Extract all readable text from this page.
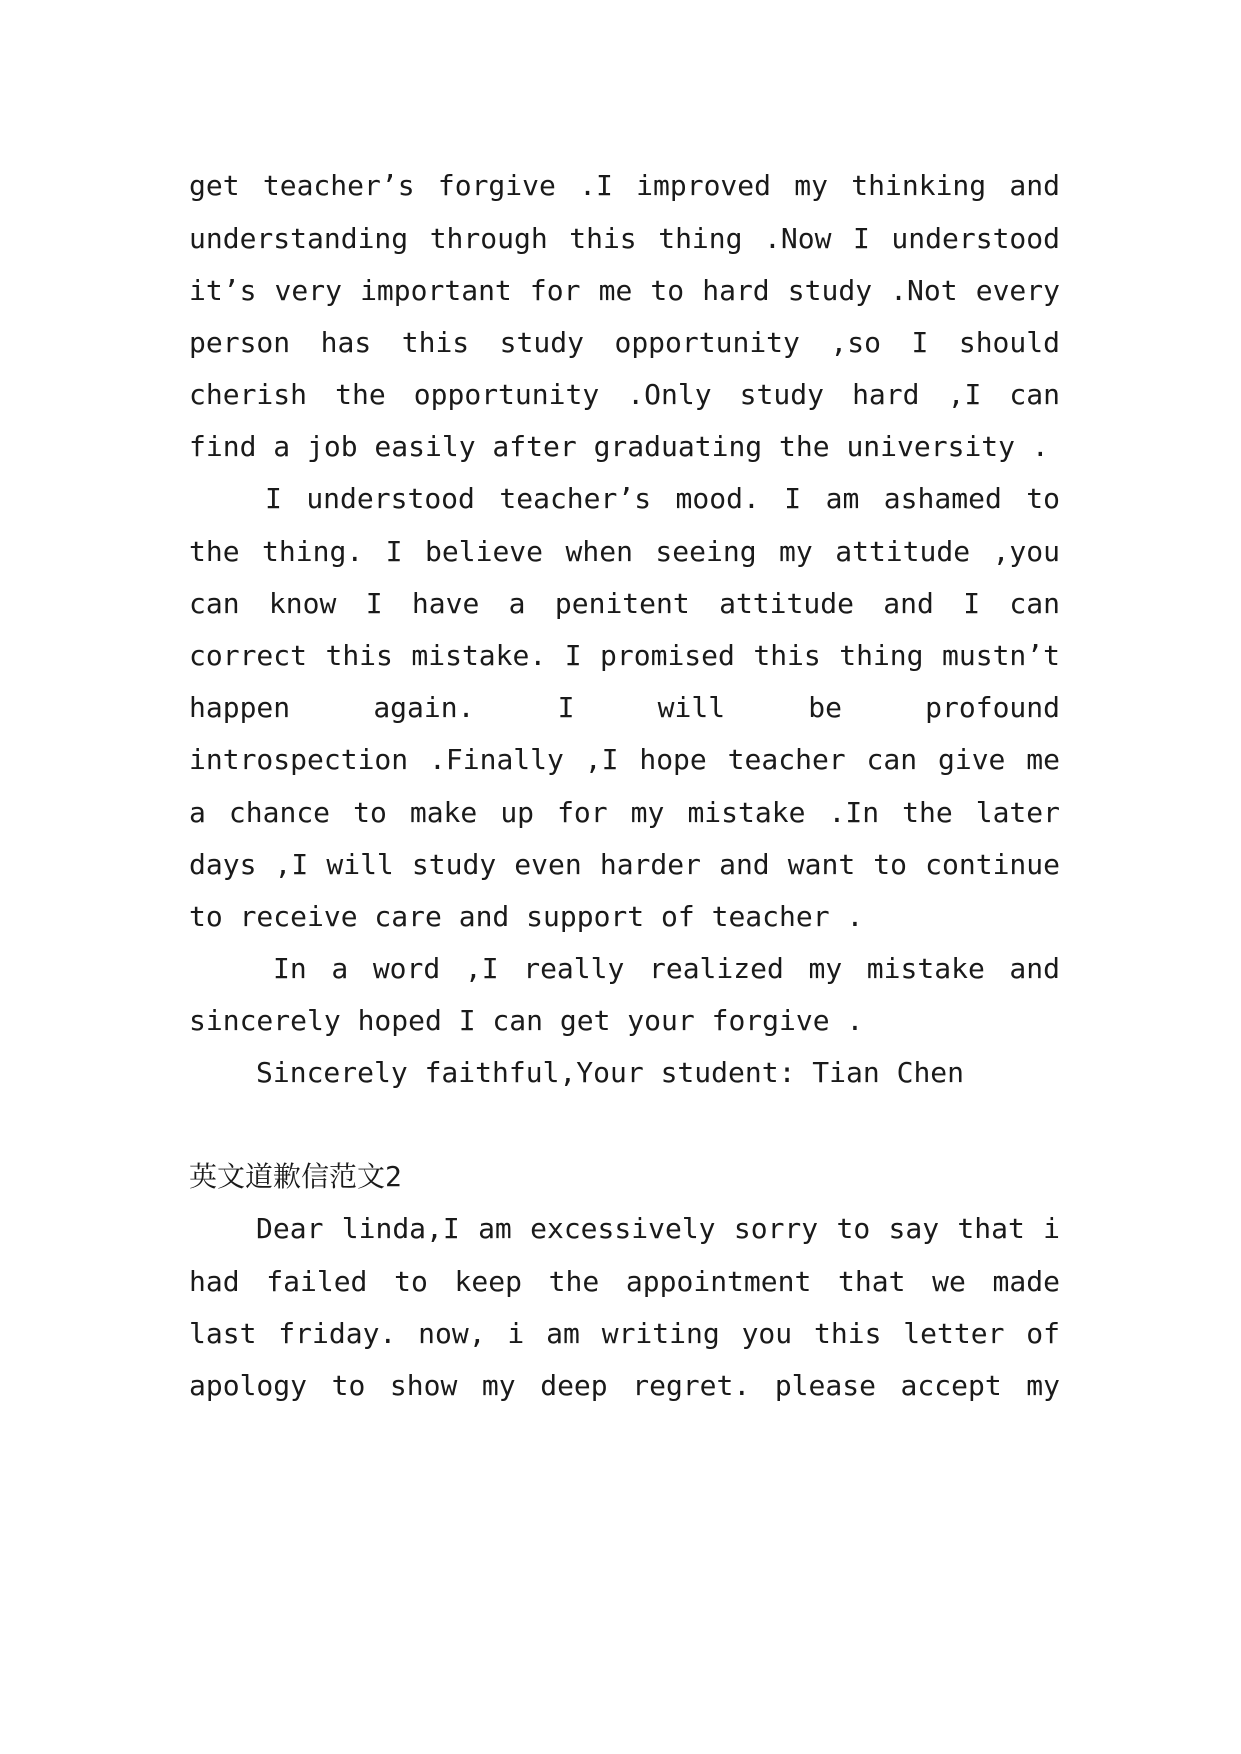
get teacher’s forgive .I improved my thinking and
understanding through this thing .Now I understood
it’s very important for me to hard study .Not every
person has this study opportunity ,so I should
cherish the opportunity .Only study hard ,I can
find a job easily after graduating the university .
I understood teacher’s mood. I am ashamed to
the thing. I believe when seeing my attitude ,you
can know I have a penitent attitude and I can
correct this mistake. I promised this thing mustn’t
happen again. I will be profound
introspection .Finally ,I hope teacher can give me
a chance to make up for my mistake .In the later
days ,I will study even harder and want to continue
to receive care and support of teacher .
In a word ,I really realized my mistake and
sincerely hoped I can get your forgive .
Sincerely faithful,Your student: Tian Chen
英文道歉信范文2
Dear linda,I am excessively sorry to say that i
had failed to keep the appointment that we made
last friday. now, i am writing you this letter of
apology to show my deep regret. please accept my
